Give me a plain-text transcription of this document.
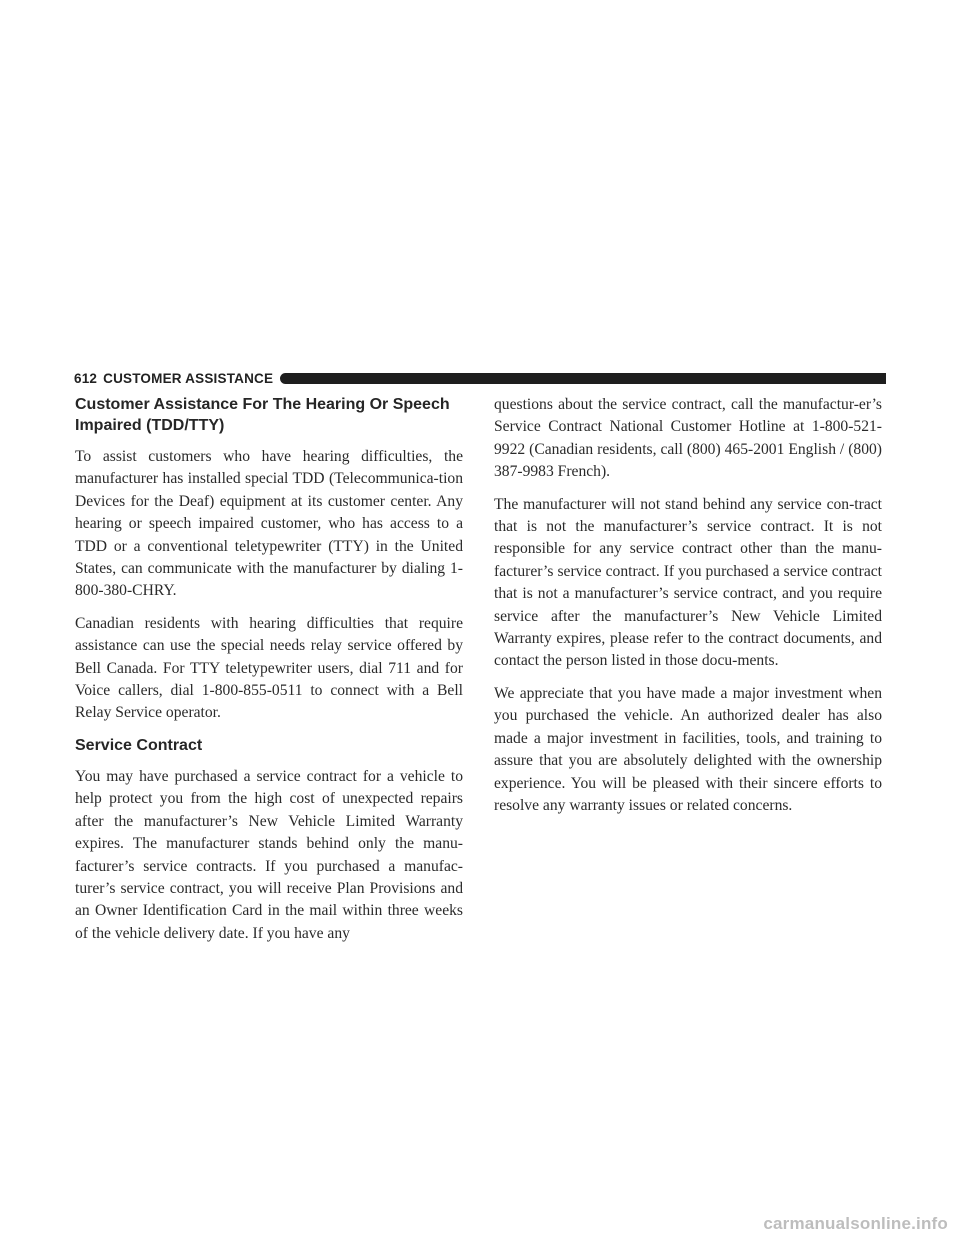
612 CUSTOMER ASSISTANCE
Customer Assistance For The Hearing Or Speech Impaired (TDD/TTY)

To assist customers who have hearing difficulties, the manufacturer has installed special TDD (Telecommunica-tion Devices for the Deaf) equipment at its customer center. Any hearing or speech impaired customer, who has access to a TDD or a conventional teletypewriter (TTY) in the United States, can communicate with the manufacturer by dialing 1-800-380-CHRY.

Canadian residents with hearing difficulties that require assistance can use the special needs relay service offered by Bell Canada. For TTY teletypewriter users, dial 711 and for Voice callers, dial 1-800-855-0511 to connect with a Bell Relay Service operator.

Service Contract

You may have purchased a service contract for a vehicle to help protect you from the high cost of unexpected repairs after the manufacturer’s New Vehicle Limited Warranty expires. The manufacturer stands behind only the manu-facturer’s service contracts. If you purchased a manufac-turer’s service contract, you will receive Plan Provisions and an Owner Identification Card in the mail within three weeks of the vehicle delivery date. If you have any

questions about the service contract, call the manufactur-er’s Service Contract National Customer Hotline at 1-800-521-9922 (Canadian residents, call (800) 465-2001 English / (800) 387-9983 French).

The manufacturer will not stand behind any service con-tract that is not the manufacturer’s service contract. It is not responsible for any service contract other than the manu-facturer’s service contract. If you purchased a service contract that is not a manufacturer’s service contract, and you require service after the manufacturer’s New Vehicle Limited Warranty expires, please refer to the contract documents, and contact the person listed in those docu-ments.

We appreciate that you have made a major investment when you purchased the vehicle. An authorized dealer has also made a major investment in facilities, tools, and training to assure that you are absolutely delighted with the ownership experience. You will be pleased with their sincere efforts to resolve any warranty issues or related concerns.

carmanualsonline.info
